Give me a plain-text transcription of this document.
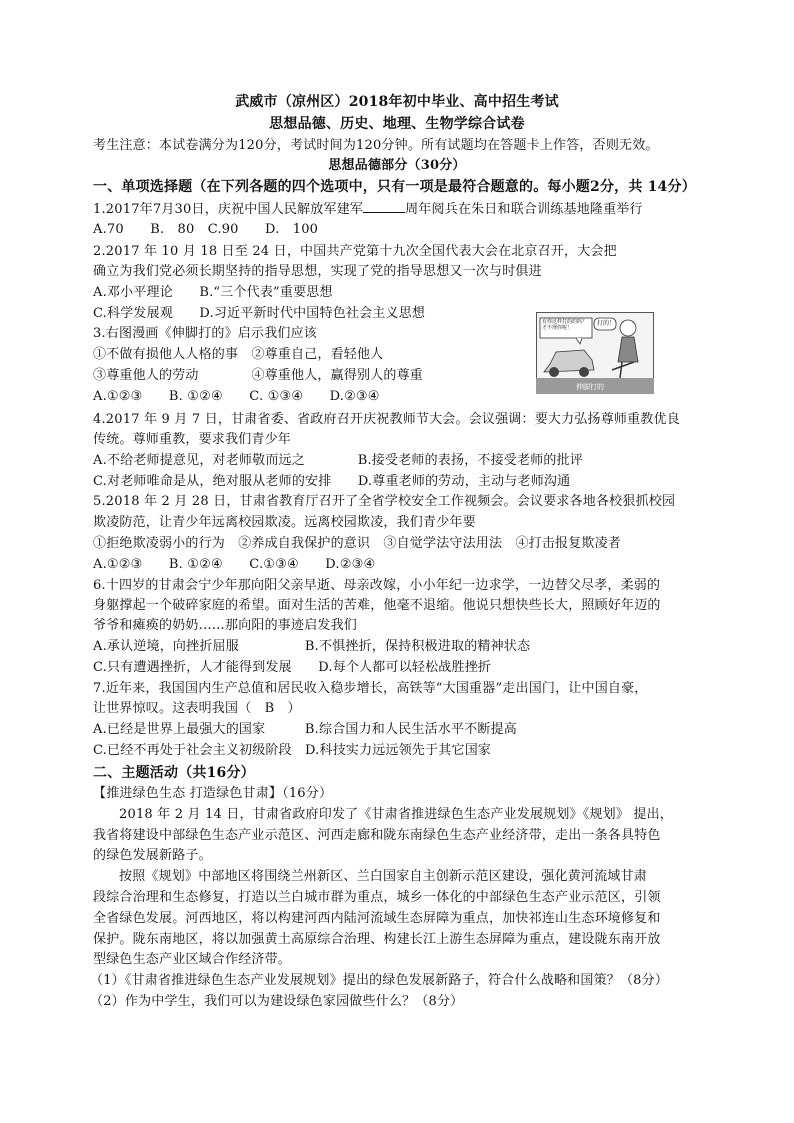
武威市（凉州区）2018年初中毕业、高中招生考试
思想品德、历史、地理、生物学综合试卷
考生注意：本试卷满分为120分，考试时间为120分钟。所有试题均在答题卡上作答，否则无效。
思想品德部分（30分）
一、单项选择题（在下列各题的四个选项中，只有一项是最符合题意的。每小题2分，共 14分）
1.2017年7月30日，庆祝中国人民解放军建军	周年阅兵在朱日和联合训练基地隆重举行
A.70　　B.　80　C.90　　D.　100
2.2017 年 10 月 18 日至 24 日，中国共产党第十九次全国代表大会在北京召开，大会把
确立为我们党必须长期坚持的指导思想，实现了党的指导思想又一次与时俱进
A.邓小平理论　　B.“三个代表”重要思想
C.科学发展观　　D.习近平新时代中国特色社会主义思想
3.右图漫画《伸脚打的》启示我们应该
①不做有损他人人格的事　②尊重自己，看轻他人
③尊重他人的劳动　　　　④尊重他人，赢得别人的尊重
A.①②③　　B. ①②④　　C. ①③④　　D.②③④
有你这样打的的吗？才不理你呢！
打的！
伸脚打的
4.2017 年 9 月 7 日，甘肃省委、省政府召开庆祝教师节大会。会议强调：要大力弘扬尊师重教优良
传统。尊师重教，要求我们青少年
A.不给老师提意见，对老师敬而远之　　　　B.接受老师的表扬，不接受老师的批评
C.对老师唯命是从，绝对服从老师的安排　　D.尊重老师的劳动，主动与老师沟通
5.2018 年 2 月 28 日，甘肃省教育厅召开了全省学校安全工作视频会。会议要求各地各校狠抓校园
欺凌防范，让青少年远离校园欺凌。远离校园欺凌，我们青少年要
①拒绝欺凌弱小的行为　②养成自我保护的意识　③自觉学法守法用法　④打击报复欺凌者
A.①②③　　B. ①②④　　C.①③④　　D.②③④
6.十四岁的甘肃会宁少年那向阳父亲早逝、母亲改嫁，小小年纪一边求学，一边替父尽孝，柔弱的
身躯撑起一个破碎家庭的希望。面对生活的苦难，他毫不退缩。他说只想快些长大，照顾好年迈的
爷爷和瘫痪的奶奶……那向阳的事迹启发我们
A.承认逆境，向挫折屈服　　　　　B.不惧挫折，保持积极进取的精神状态
C.只有遭遇挫折，人才能得到发展　　D.每个人都可以轻松战胜挫折
7.近年来，我国国内生产总值和居民收入稳步增长，高铁等“大国重器”走出国门，让中国自豪，
让世界惊叹。这表明我国（　B　）
A.已经是世界上最强大的国家　　　B.综合国力和人民生活水平不断提高
C.已经不再处于社会主义初级阶段　D.科技实力远远领先于其它国家
二、主题活动（共16分）
【推进绿色生态 打造绿色甘肃】（16分）
2018 年 2 月 14 日，甘肃省政府印发了《甘肃省推进绿色生态产业发展规划》《规划》 提出，
我省将建设中部绿色生态产业示范区、河西走廊和陇东南绿色生态产业经济带，走出一条各具特色
的绿色发展新路子。
按照《规划》中部地区将围绕兰州新区、兰白国家自主创新示范区建设，强化黄河流域甘肃
段综合治理和生态修复，打造以兰白城市群为重点，城乡一体化的中部绿色生态产业示范区，引领
全省绿色发展。河西地区，将以构建河西内陆河流域生态屏障为重点，加快祁连山生态环境修复和
保护。陇东南地区，将以加强黄土高原综合治理、构建长江上游生态屏障为重点，建设陇东南开放
型绿色生态产业区域合作经济带。
（1）《甘肃省推进绿色生态产业发展规划》提出的绿色发展新路子，符合什么战略和国策？（8分）
（2）作为中学生，我们可以为建设绿色家园做些什么？（8分）
